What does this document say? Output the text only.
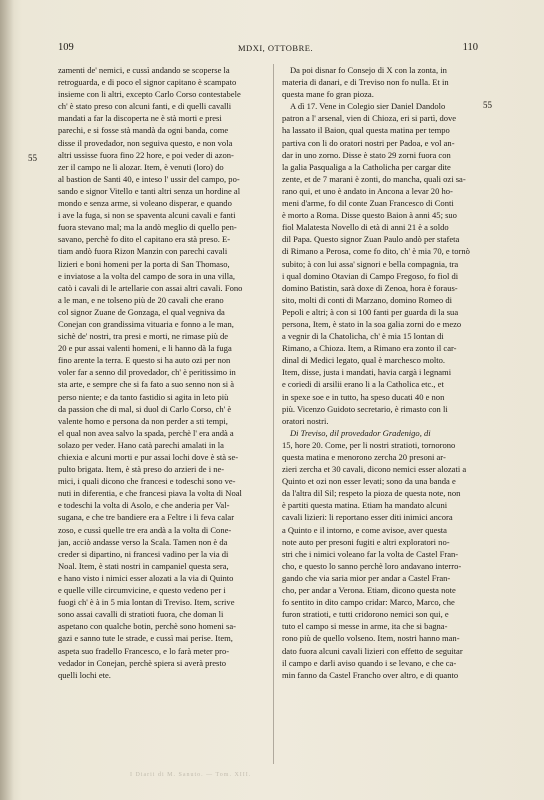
109	MDXI, OTTOBRE.	110
55
55
zamenti de' nemici, e cussì andando se scoperse la
retroguarda, e di poco el signor capitano è scampato
insieme con li altri, excepto Carlo Corso contestabele
ch' è stato preso con alcuni fanti, e di quelli cavalli
mandati a far la discoperta ne è stà morti e presi
parechi, e si fosse stà mandà da ogni banda, come
disse il provedador, non seguiva questo, e non vola
altri ussisse fuora fino 22 hore, e poi veder di azon-
zer il campo ne li alozar. Item, è venuti (loro) do
al bastion de Santi 40, e inteso l' ussir del campo, po-
sando e signor Vitello e tanti altri senza un hordine al
mondo e senza arme, si voleano disperar, e quando
i ave la fuga, si non se spaventa alcuni cavali e fanti
fuora stevano mal; ma la andò meglio di quello pen-
savano, perchè fo dito el capitano era stà preso. E-
tiam andò fuora Rizon Manzin con parechi cavali
lizieri e boni homeni per la porta di San Thomaso,
e inviatose a la volta del campo de sora in una villa,
catò i cavali di le artellarie con assai altri cavali. Fono
a le man, e ne tolseno più de 20 cavali che erano
col signor Zuane de Gonzaga, el qual vegniva da
Conejan con grandissima vituaria e fonno a le man,
sichè de' nostri, tra presi e morti, ne rimase più de
20 e pur assai valenti homeni, e li hanno dà la fuga
fino arente la terra. E questo si ha auto ozi per non
voler far a senno dil provedador, ch' è peritissimo in
sta arte, e sempre che si fa fato a suo senno non si à
perso niente; e da tanto fastidio si agita in leto più
da passion che di mal, si duol di Carlo Corso, ch' è
valente homo e persona da non perder a sti tempi,
el qual non avea salvo la spada, perchè l' era andà a
solazo per veder. Hano catà parechi amalati in la
chiexia e alcuni morti e pur assai lochi dove è stà se-
pulto brigata. Item, è stà preso do arzieri de i ne-
mici, i quali dicono che francesi e todeschi sono ve-
nuti in diferentia, e che francesi piava la volta di Noal
e todeschi la volta di Asolo, e che anderia per Val-
sugana, e che tre bandiere era a Feltre i li feva calar
zoso, e cussì quelle tre era andà a la volta di Cone-
jan, acciò andasse verso la Scala. Tamen non è da
creder si dipartino, ni francesi vadino per la via di
Noal. Item, è stati nostri in campaniel questa sera,
e hano visto i nimici esser alozati a la via di Quinto
e quelle ville circumvicine, e questo vedeno per i
fuogi ch' è à in 5 mia lontan di Treviso. Item, scrive
sono assai cavalli di stratioti fuora, che doman li
aspetano con qualche botin, perchè sono homeni sa-
gazi e sanno tute le strade, e cussì mai perise. Item,
aspeta suo fradello Francesco, e lo farà meter pro-
vedador in Conejan, perchè spiera si averà presto
quelli lochi ete.
Da poi disnar fo Consejo di X con la zonta, in
materia di danari, e di Treviso non fo nulla. Et in
questa mane fo gran pioza.
A dì 17. Vene in Colegio sier Daniel Dandolo
patron a l' arsenal, vien di Chioza, eri si partì, dove
ha lassato il Baion, qual questa matina per tempo
partiva con li do oratori nostri per Padoa, e vol an-
dar in uno zorno. Disse è stato 29 zorni fuora con
la galia Pasqualiga a la Catholicha per cargar dite
zente, et de 7 marani è zonti, do mancha, quali ozi sa-
rano qui, et uno è andato in Ancona a levar 20 ho-
meni d'arme, fo dil conte Zuan Francesco di Conti
è morto a Roma. Disse questo Baion à anni 45; suo
fiol Malatesta Novello di età di anni 21 è a soldo
dil Papa. Questo signor Zuan Paulo andò per stafeta
di Rimano a Perosa, come fo dito, ch' è mia 70, e tornò
subito; à con lui assa' signori e bella compagnia, tra
i qual domino Otavian di Campo Fregoso, fo fiol di
domino Batistin, sarà doxe di Zenoa, hora è foraus-
sito, molti di conti di Marzano, domino Romeo di
Pepoli e altri; à con si 100 fanti per guarda di la sua
persona, Item, è stato in la soa galia zorni do e mezo
a vegnir di la Chatolicha, ch' è mia 15 lontan di
Rimano, a Chioza. Item, a Rimano era zonto il car-
dinal di Medici legato, qual è marchesco molto.
Item, disse, justa i mandati, havia cargà i legnami
e coriedi di arsilii erano li a la Catholica etc., et
in spexe soe e in tutto, ha speso ducati 40 e non
più. Vicenzo Guidoto secretario, è rimasto con li
oratori nostri.
Di Treviso, dil provedador Gradenigo, di
15, hore 20. Come, per li nostri stratioti, tornorono
questa matina e menorono zercha 20 presoni ar-
zieri zercha et 30 cavali, dicono nemici esser alozati a
Quinto et ozi non esser levati; sono da una banda e
da l'altra dil Sil; respeto la pioza de questa note, non
è partiti questa matina. Etiam ha mandato alcuni
cavali lizieri: li reportano esser diti inimici ancora
a Quinto e il intorno, e come avisoe, aver questa
note auto per presoni fugiti e altri exploratori no-
stri che i nimici voleano far la volta de Castel Fran-
cho, e questo lo sanno perchè loro andavano interro-
gando che via saria mior per andar a Castel Fran-
cho, per andar a Verona. Etiam, dicono questa note
fo sentito in dito campo cridar: Marco, Marco, che
furon stratioti, e tutti cridorono nemici son qui, e
tuto el campo si messe in arme, ita che si bagna-
rono più de quello volseno. Item, nostri hanno man-
dato fuora alcuni cavali lizieri con effetto de seguitar
il campo e darli aviso quando i se levano, e che ca-
min fanno da Castel Francho over altro, e di quanto
I Diarii di M. Sanuto. — Tom. XIII.
